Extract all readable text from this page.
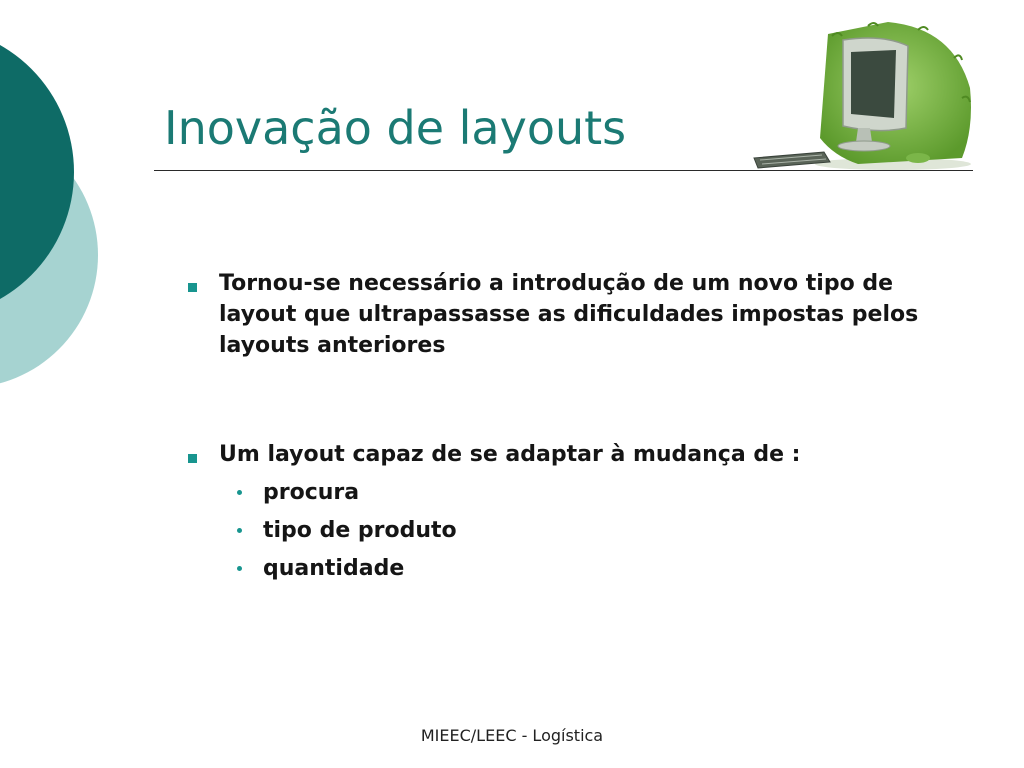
Inovação de layouts
Tornou-se necessário a introdução de um novo tipo de layout que ultrapassasse as dificuldades impostas pelos layouts anteriores
Um layout capaz de se adaptar à mudança de :
procura
tipo de produto
quantidade
MIEEC/LEEC - Logística
